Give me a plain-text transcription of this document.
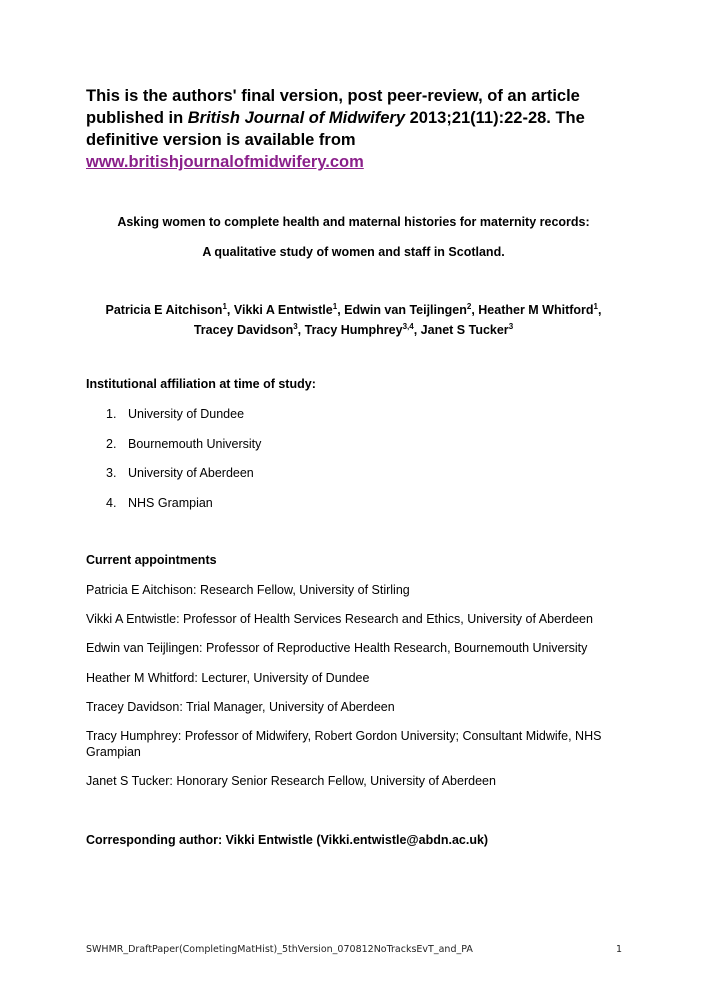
This is the authors' final version, post peer-review, of an article
published in British Journal of Midwifery 2013;21(11):22-28. The
definitive version is available from
www.britishjournalofmidwifery.com
Asking women to complete health and maternal histories for maternity records:
A qualitative study of women and staff in Scotland.
Patricia E Aitchison$^1$, Vikki A Entwistle$^1$, Edwin van Teijlingen$^2$, Heather M Whitford$^1$,
Tracey Davidson$^3$, Tracy Humphrey$^{3,4}$, Janet S Tucker$^3$
Institutional affiliation at time of study:
1. University of Dundee
2. Bournemouth University
3. University of Aberdeen
4. NHS Grampian
Current appointments

Patricia E Aitchison: Research Fellow, University of Stirling

Vikki A Entwistle: Professor of Health Services Research and Ethics, University of Aberdeen

Edwin van Teijlingen: Professor of Reproductive Health Research, Bournemouth University

Heather M Whitford: Lecturer, University of Dundee

Tracey Davidson: Trial Manager, University of Aberdeen

Tracy Humphrey: Professor of Midwifery, Robert Gordon University; Consultant Midwife, NHS Grampian

Janet S Tucker: Honorary Senior Research Fellow, University of Aberdeen

Corresponding author: Vikki Entwistle (Vikki.entwistle@abdn.ac.uk)
SWHMR_DraftPaper(CompletingMatHist)_5thVersion_070812NoTracksEvT_and_PA	1
